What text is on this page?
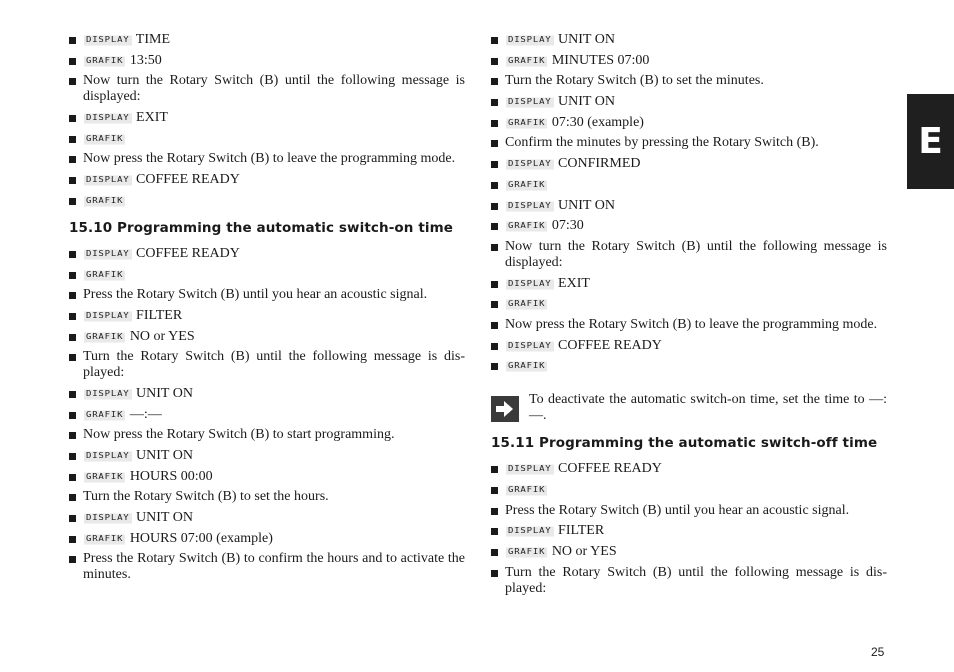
DISPLAY TIME
GRAFIK 13:50
Now turn the Rotary Switch (B) until the following message is displayed:
DISPLAY EXIT
GRAFIK
Now press the Rotary Switch (B) to leave the programming mode.
DISPLAY COFFEE READY
GRAFIK
15.10 Programming the automatic switch-on time
DISPLAY COFFEE READY
GRAFIK
Press the Rotary Switch (B) until you hear an acoustic signal.
DISPLAY FILTER
GRAFIK NO or YES
Turn the Rotary Switch (B) until the following message is dis-played:
DISPLAY UNIT ON
GRAFIK —:—
Now press the Rotary Switch (B) to start programming.
DISPLAY UNIT ON
GRAFIK HOURS 00:00
Turn the Rotary Switch (B) to set the hours.
DISPLAY UNIT ON
GRAFIK HOURS 07:00 (example)
Press the Rotary Switch (B) to confirm the hours and to activate the minutes.
DISPLAY UNIT ON
GRAFIK MINUTES 07:00
Turn the Rotary Switch (B) to set the minutes.
DISPLAY UNIT ON
GRAFIK 07:30 (example)
Confirm the minutes by pressing the Rotary Switch (B).
DISPLAY CONFIRMED
GRAFIK
DISPLAY UNIT ON
GRAFIK 07:30
Now turn the Rotary Switch (B) until the following message is displayed:
DISPLAY EXIT
GRAFIK
Now press the Rotary Switch (B) to leave the programming mode.
DISPLAY COFFEE READY
GRAFIK
To deactivate the automatic switch-on time, set the time to —:—.
15.11 Programming the automatic switch-off time
DISPLAY COFFEE READY
GRAFIK
Press the Rotary Switch (B) until you hear an acoustic signal.
DISPLAY FILTER
GRAFIK NO or YES
Turn the Rotary Switch (B) until the following message is dis-played:
E
25
